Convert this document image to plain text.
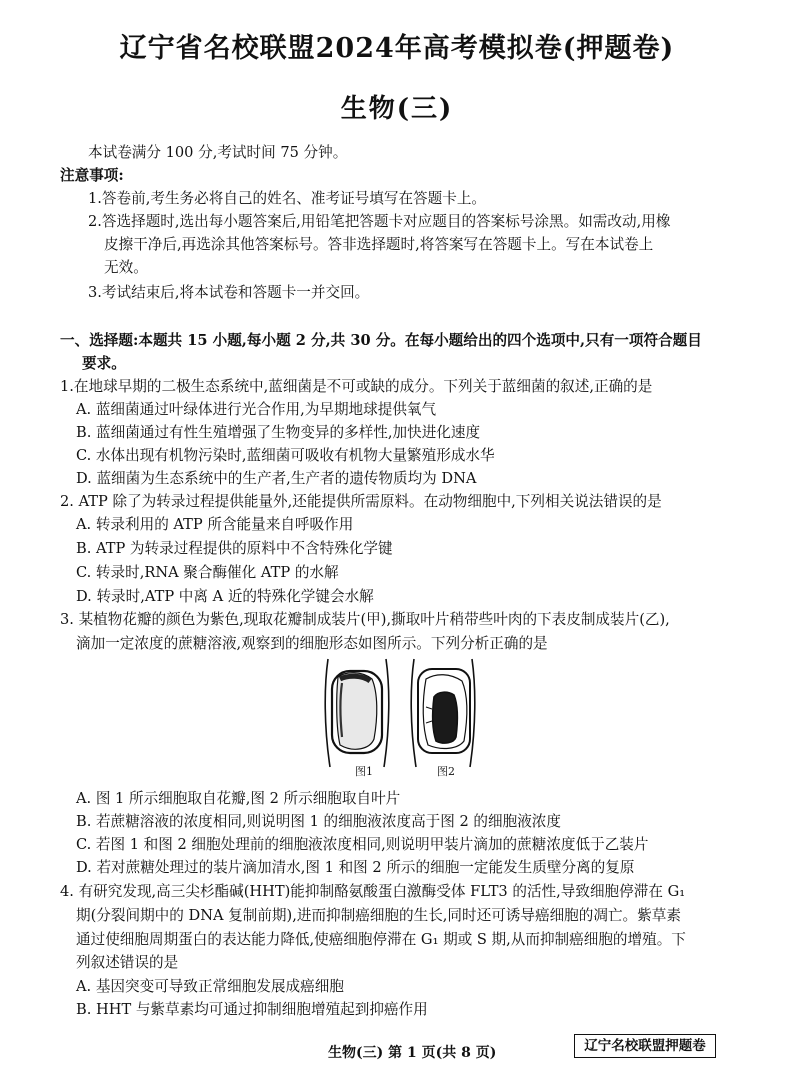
辽宁省名校联盟2024年高考模拟卷(押题卷)
生物(三)
本试卷满分 100 分,考试时间 75 分钟。
注意事项:
1.答卷前,考生务必将自己的姓名、准考证号填写在答题卡上。
2.答选择题时,选出每小题答案后,用铅笔把答题卡对应题目的答案标号涂黑。如需改动,用橡
皮擦干净后,再选涂其他答案标号。答非选择题时,将答案写在答题卡上。写在本试卷上
无效。
3.考试结束后,将本试卷和答题卡一并交回。
一、选择题:本题共 15 小题,每小题 2 分,共 30 分。在每小题给出的四个选项中,只有一项符合题目
要求。
1.在地球早期的二极生态系统中,蓝细菌是不可或缺的成分。下列关于蓝细菌的叙述,正确的是
A. 蓝细菌通过叶绿体进行光合作用,为早期地球提供氧气
B. 蓝细菌通过有性生殖增强了生物变异的多样性,加快进化速度
C. 水体出现有机物污染时,蓝细菌可吸收有机物大量繁殖形成水华
D. 蓝细菌为生态系统中的生产者,生产者的遗传物质均为 DNA
2. ATP 除了为转录过程提供能量外,还能提供所需原料。在动物细胞中,下列相关说法错误的是
A. 转录利用的 ATP 所含能量来自呼吸作用
B. ATP 为转录过程提供的原料中不含特殊化学键
C. 转录时,RNA 聚合酶催化 ATP 的水解
D. 转录时,ATP 中离 A 近的特殊化学键会水解
3. 某植物花瓣的颜色为紫色,现取花瓣制成装片(甲),撕取叶片稍带些叶肉的下表皮制成装片(乙),
滴加一定浓度的蔗糖溶液,观察到的细胞形态如图所示。下列分析正确的是
图1	图2
A. 图 1 所示细胞取自花瓣,图 2 所示细胞取自叶片
B. 若蔗糖溶液的浓度相同,则说明图 1 的细胞液浓度高于图 2 的细胞液浓度
C. 若图 1 和图 2 细胞处理前的细胞液浓度相同,则说明甲装片滴加的蔗糖浓度低于乙装片
D. 若对蔗糖处理过的装片滴加清水,图 1 和图 2 所示的细胞一定能发生质壁分离的复原
4. 有研究发现,高三尖杉酯碱(HHT)能抑制酪氨酸蛋白激酶受体 FLT3 的活性,导致细胞停滞在 G₁
期(分裂间期中的 DNA 复制前期),进而抑制癌细胞的生长,同时还可诱导癌细胞的凋亡。紫草素
通过使细胞周期蛋白的表达能力降低,使癌细胞停滞在 G₁ 期或 S 期,从而抑制癌细胞的增殖。下
列叙述错误的是
A. 基因突变可导致正常细胞发展成癌细胞
B. HHT 与紫草素均可通过抑制细胞增殖起到抑癌作用
生物(三) 第 1 页(共 8 页)	辽宁名校联盟押题卷
